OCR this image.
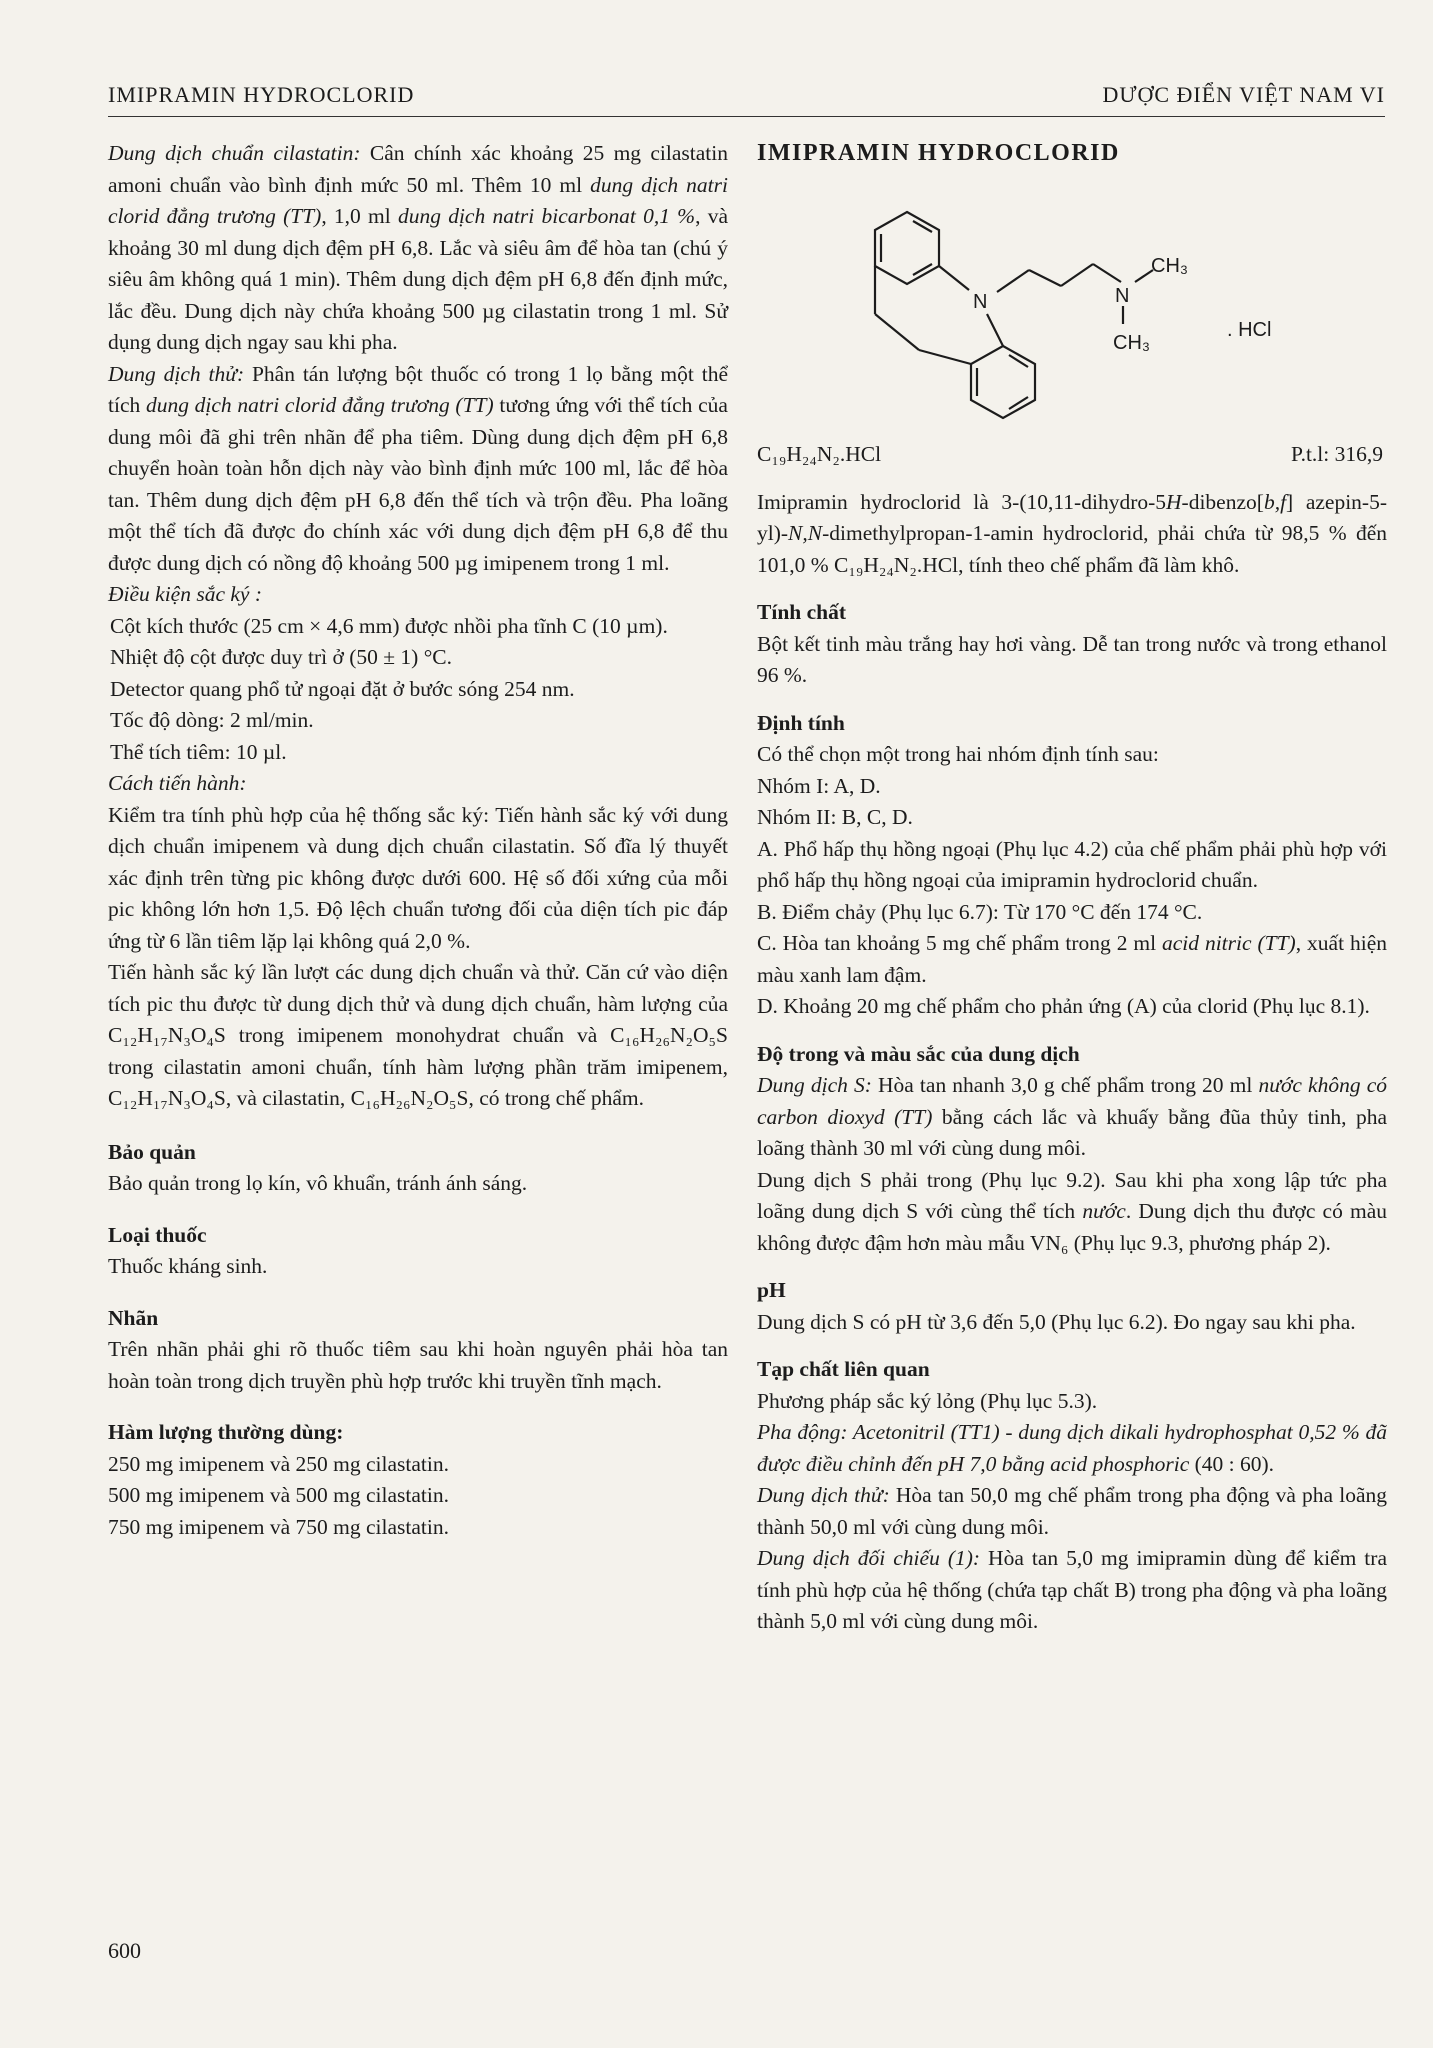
IMIPRAMIN HYDROCLORID	DƯỢC ĐIỂN VIỆT NAM VI

Dung dịch chuẩn cilastatin: Cân chính xác khoảng 25 mg cilastatin amoni chuẩn vào bình định mức 50 ml. Thêm 10 ml dung dịch natri clorid đẳng trương (TT), 1,0 ml dung dịch natri bicarbonat 0,1 %, và khoảng 30 ml dung dịch đệm pH 6,8. Lắc và siêu âm để hòa tan (chú ý siêu âm không quá 1 min). Thêm dung dịch đệm pH 6,8 đến định mức, lắc đều. Dung dịch này chứa khoảng 500 µg cilastatin trong 1 ml. Sử dụng dung dịch ngay sau khi pha.

Dung dịch thử: Phân tán lượng bột thuốc có trong 1 lọ bằng một thể tích dung dịch natri clorid đẳng trương (TT) tương ứng với thể tích của dung môi đã ghi trên nhãn để pha tiêm. Dùng dung dịch đệm pH 6,8 chuyển hoàn toàn hỗn dịch này vào bình định mức 100 ml, lắc để hòa tan. Thêm dung dịch đệm pH 6,8 đến thể tích và trộn đều. Pha loãng một thể tích đã được đo chính xác với dung dịch đệm pH 6,8 để thu được dung dịch có nồng độ khoảng 500 µg imipenem trong 1 ml.

Điều kiện sắc ký :

Cột kích thước (25 cm × 4,6 mm) được nhồi pha tĩnh C (10 µm).

Nhiệt độ cột được duy trì ở (50 ± 1) °C.

Detector quang phổ tử ngoại đặt ở bước sóng 254 nm.

Tốc độ dòng: 2 ml/min.

Thể tích tiêm: 10 µl.

Cách tiến hành:

Kiểm tra tính phù hợp của hệ thống sắc ký: Tiến hành sắc ký với dung dịch chuẩn imipenem và dung dịch chuẩn cilastatin. Số đĩa lý thuyết xác định trên từng pic không được dưới 600. Hệ số đối xứng của mỗi pic không lớn hơn 1,5. Độ lệch chuẩn tương đối của diện tích pic đáp ứng từ 6 lần tiêm lặp lại không quá 2,0 %.

Tiến hành sắc ký lần lượt các dung dịch chuẩn và thử. Căn cứ vào diện tích pic thu được từ dung dịch thử và dung dịch chuẩn, hàm lượng của C₁₂H₁₇N₃O₄S trong imipenem monohydrat chuẩn và C₁₆H₂₆N₂O₅S trong cilastatin amoni chuẩn, tính hàm lượng phần trăm imipenem, C₁₂H₁₇N₃O₄S, và cilastatin, C₁₆H₂₆N₂O₅S, có trong chế phẩm.

Bảo quản

Bảo quản trong lọ kín, vô khuẩn, tránh ánh sáng.

Loại thuốc

Thuốc kháng sinh.

Nhãn

Trên nhãn phải ghi rõ thuốc tiêm sau khi hoàn nguyên phải hòa tan hoàn toàn trong dịch truyền phù hợp trước khi truyền tĩnh mạch.

Hàm lượng thường dùng:

250 mg imipenem và 250 mg cilastatin.

500 mg imipenem và 500 mg cilastatin.

750 mg imipenem và 750 mg cilastatin.

IMIPRAMIN HYDROCLORID

N	N
CH₃
CH₃
. HCl
C₁₉H₂₄N₂.HCl	P.t.l: 316,9

Imipramin hydroclorid là 3-(10,11-dihydro-5H-dibenzo[b,f] azepin-5-yl)-N,N-dimethylpropan-1-amin hydroclorid, phải chứa từ 98,5 % đến 101,0 % C₁₉H₂₄N₂.HCl, tính theo chế phẩm đã làm khô.

Tính chất

Bột kết tinh màu trắng hay hơi vàng. Dễ tan trong nước và trong ethanol 96 %.

Định tính

Có thể chọn một trong hai nhóm định tính sau:

Nhóm I: A, D.

Nhóm II: B, C, D.

A. Phổ hấp thụ hồng ngoại (Phụ lục 4.2) của chế phẩm phải phù hợp với phổ hấp thụ hồng ngoại của imipramin hydroclorid chuẩn.

B. Điểm chảy (Phụ lục 6.7): Từ 170 °C đến 174 °C.

C. Hòa tan khoảng 5 mg chế phẩm trong 2 ml acid nitric (TT), xuất hiện màu xanh lam đậm.

D. Khoảng 20 mg chế phẩm cho phản ứng (A) của clorid (Phụ lục 8.1).

Độ trong và màu sắc của dung dịch

Dung dịch S: Hòa tan nhanh 3,0 g chế phẩm trong 20 ml nước không có carbon dioxyd (TT) bằng cách lắc và khuấy bằng đũa thủy tinh, pha loãng thành 30 ml với cùng dung môi.

Dung dịch S phải trong (Phụ lục 9.2). Sau khi pha xong lập tức pha loãng dung dịch S với cùng thể tích nước. Dung dịch thu được có màu không được đậm hơn màu mẫu VN₆ (Phụ lục 9.3, phương pháp 2).

pH

Dung dịch S có pH từ 3,6 đến 5,0 (Phụ lục 6.2). Đo ngay sau khi pha.

Tạp chất liên quan

Phương pháp sắc ký lỏng (Phụ lục 5.3).

Pha động: Acetonitril (TT1) - dung dịch dikali hydrophosphat 0,52 % đã được điều chỉnh đến pH 7,0 bằng acid phosphoric (40 : 60).

Dung dịch thử: Hòa tan 50,0 mg chế phẩm trong pha động và pha loãng thành 50,0 ml với cùng dung môi.

Dung dịch đối chiếu (1): Hòa tan 5,0 mg imipramin dùng để kiểm tra tính phù hợp của hệ thống (chứa tạp chất B) trong pha động và pha loãng thành 5,0 ml với cùng dung môi.

600
